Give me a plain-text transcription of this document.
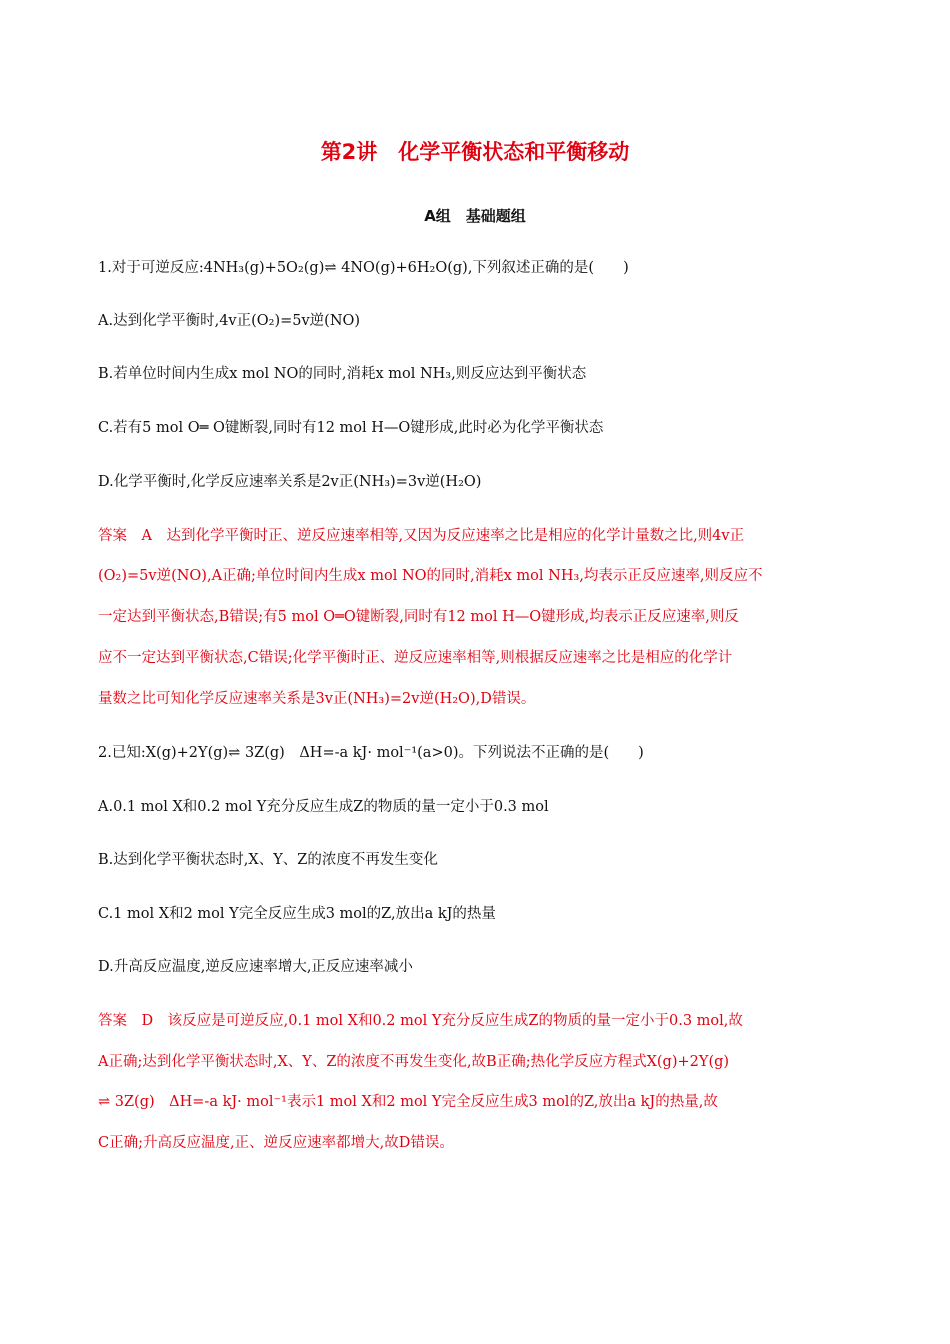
第2讲　化学平衡状态和平衡移动
A组　基础题组
1.对于可逆反应:4NH₃(g)+5O₂(g)⇌ 4NO(g)+6H₂O(g),下列叙述正确的是(　　)
A.达到化学平衡时,4v正(O₂)=5v逆(NO)
B.若单位时间内生成x mol NO的同时,消耗x mol NH₃,则反应达到平衡状态
C.若有5 mol O═ O键断裂,同时有12 mol H—O键形成,此时必为化学平衡状态
D.化学平衡时,化学反应速率关系是2v正(NH₃)=3v逆(H₂O)
答案　A　达到化学平衡时正、逆反应速率相等,又因为反应速率之比是相应的化学计量数之比,则4v正
(O₂)=5v逆(NO),A正确;单位时间内生成x mol NO的同时,消耗x mol NH₃,均表示正反应速率,则反应不
一定达到平衡状态,B错误;有5 mol O═O键断裂,同时有12 mol H—O键形成,均表示正反应速率,则反
应不一定达到平衡状态,C错误;化学平衡时正、逆反应速率相等,则根据反应速率之比是相应的化学计
量数之比可知化学反应速率关系是3v正(NH₃)=2v逆(H₂O),D错误。
2.已知:X(g)+2Y(g)⇌ 3Z(g)　ΔH=-a kJ· mol⁻¹(a>0)。下列说法不正确的是(　　)
A.0.1 mol X和0.2 mol Y充分反应生成Z的物质的量一定小于0.3 mol
B.达到化学平衡状态时,X、Y、Z的浓度不再发生变化
C.1 mol X和2 mol Y完全反应生成3 mol的Z,放出a kJ的热量
D.升高反应温度,逆反应速率增大,正反应速率减小
答案　D　该反应是可逆反应,0.1 mol X和0.2 mol Y充分反应生成Z的物质的量一定小于0.3 mol,故
A正确;达到化学平衡状态时,X、Y、Z的浓度不再发生变化,故B正确;热化学反应方程式X(g)+2Y(g)
⇌ 3Z(g)　ΔH=-a kJ· mol⁻¹表示1 mol X和2 mol Y完全反应生成3 mol的Z,放出a kJ的热量,故
C正确;升高反应温度,正、逆反应速率都增大,故D错误。
